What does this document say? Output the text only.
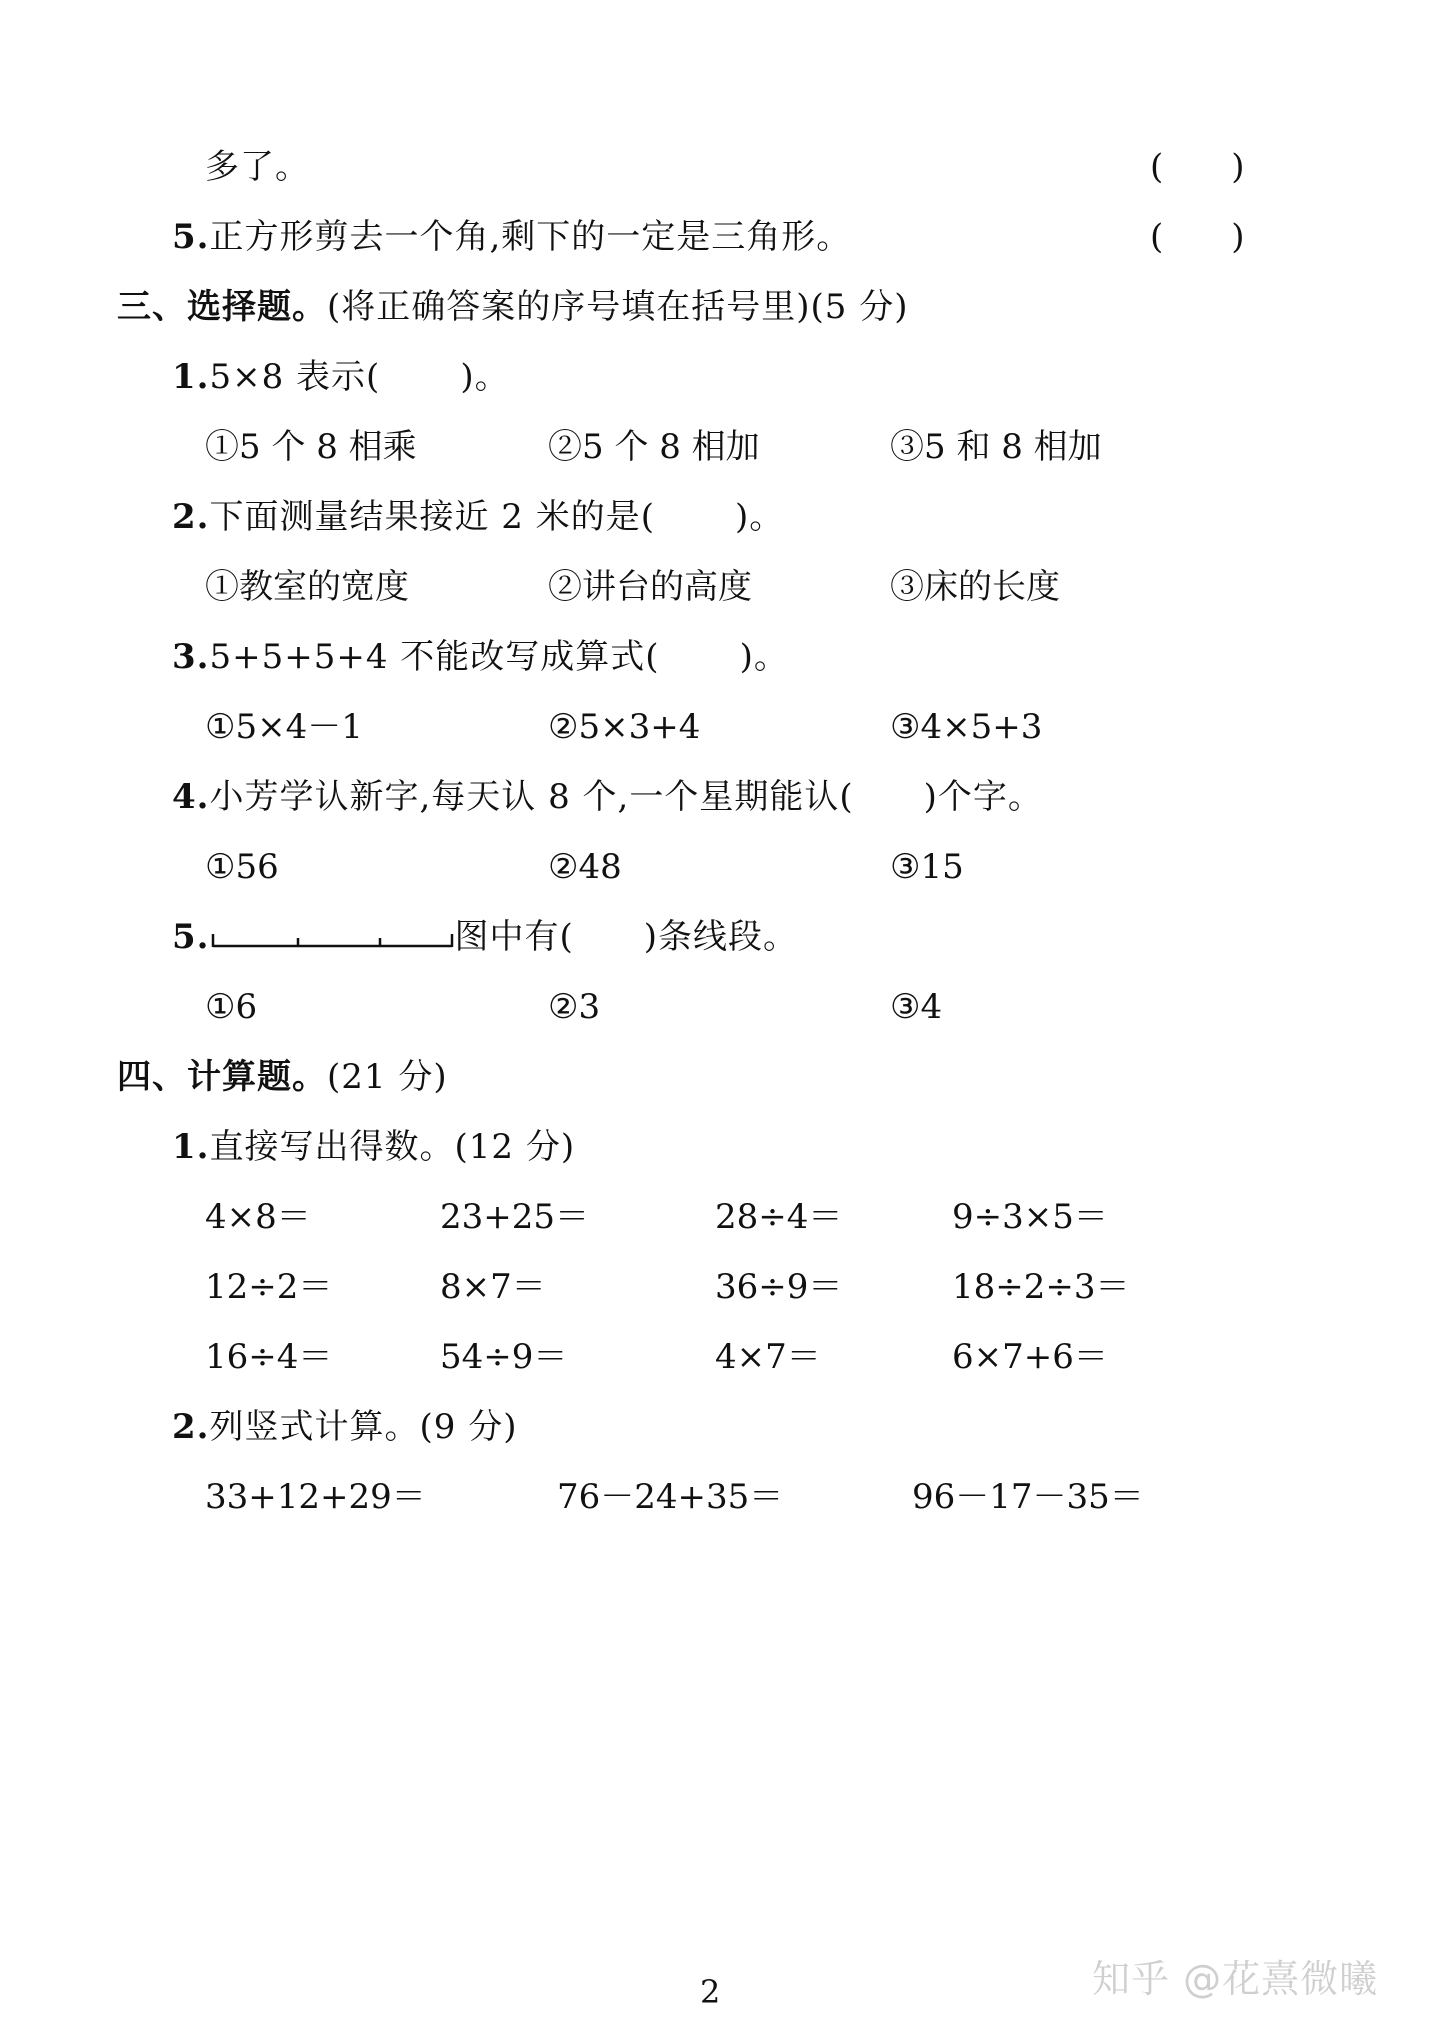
多了。	(　　)
5.正方形剪去一个角,剩下的一定是三角形。	(　　)
三、选择题。(将正确答案的序号填在括号里)(5 分)
1.5×8 表示( )。
①5 个 8 相乘	②5 个 8 相加	③5 和 8 相加
2.下面测量结果接近 2 米的是( )。
①教室的宽度	②讲台的高度	③床的长度
3.5+5+5+4 不能改写成算式( )。
①5×4－1	②5×3+4	③4×5+3
4.小芳学认新字,每天认 8 个,一个星期能认( )个字。
①56	②48	③15
5.	图中有( )条线段。
①6	②3	③4
四、计算题。(21 分)
1.直接写出得数。(12 分)
4×8＝	23+25＝	28÷4＝	9÷3×5＝
12÷2＝	8×7＝	36÷9＝	18÷2÷3＝
16÷4＝	54÷9＝	4×7＝	6×7+6＝
2.列竖式计算。(9 分)
33+12+29＝	76－24+35＝	96－17－35＝
知乎 @花熹微曦
2
